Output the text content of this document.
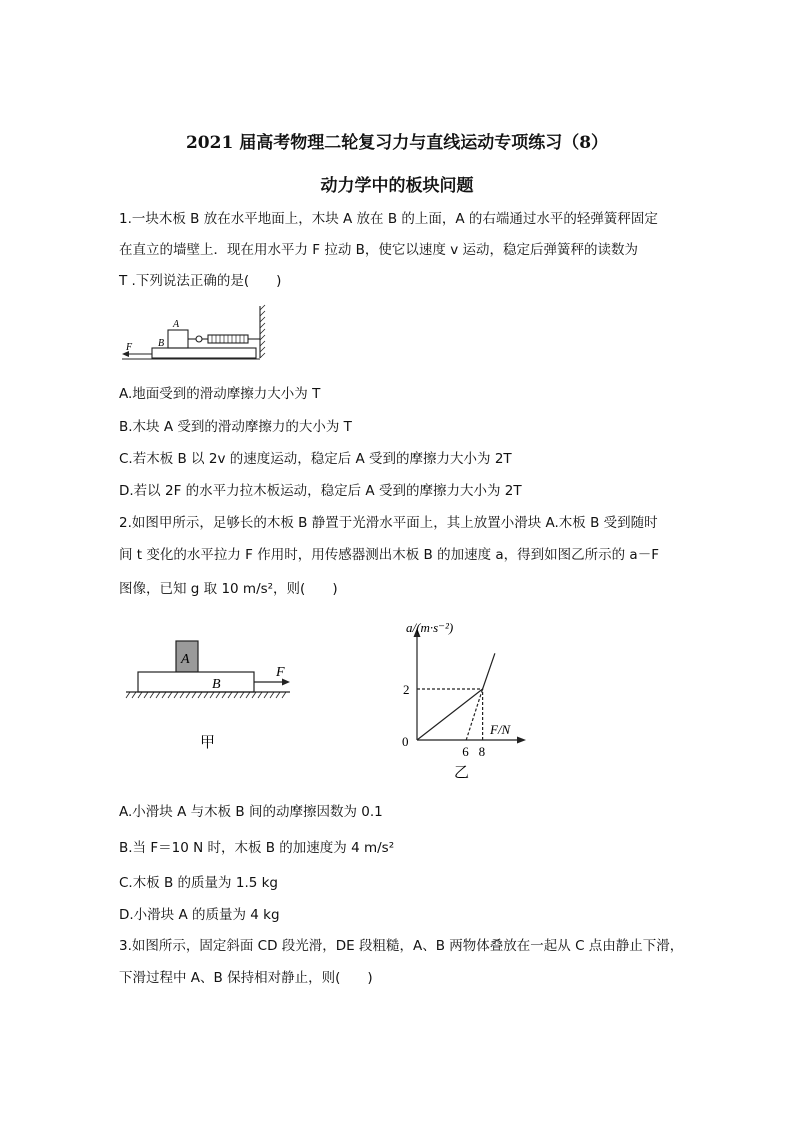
2021 届高考物理二轮复习力与直线运动专项练习（8）
动力学中的板块问题
1.一块木板 B 放在水平地面上，木块 A 放在 B 的上面，A 的右端通过水平的轻弹簧秤固定
在直立的墙壁上．现在用水平力 F 拉动 B，使它以速度 v 运动，稳定后弹簧秤的读数为
T .下列说法正确的是(　　)
A
B
F
A.地面受到的滑动摩擦力大小为 T
B.木块 A 受到的滑动摩擦力的大小为 T
C.若木板 B 以 2v 的速度运动，稳定后 A 受到的摩擦力大小为 2T
D.若以 2F 的水平力拉木板运动，稳定后 A 受到的摩擦力大小为 2T
2.如图甲所示，足够长的木板 B 静置于光滑水平面上，其上放置小滑块 A.木板 B 受到随时
间 t 变化的水平拉力 F 作用时，用传感器测出木板 B 的加速度 a，得到如图乙所示的 a－F
图像，已知 g 取 10 m/s²，则(　　)
A
B
F
甲
a/(m·s⁻²)
F/N
0
2
6 8
乙
A.小滑块 A 与木板 B 间的动摩擦因数为 0.1
B.当 F＝10 N 时，木板 B 的加速度为 4 m/s²
C.木板 B 的质量为 1.5 kg
D.小滑块 A 的质量为 4 kg
3.如图所示，固定斜面 CD 段光滑，DE 段粗糙，A、B 两物体叠放在一起从 C 点由静止下滑，
下滑过程中 A、B 保持相对静止，则(　　)
